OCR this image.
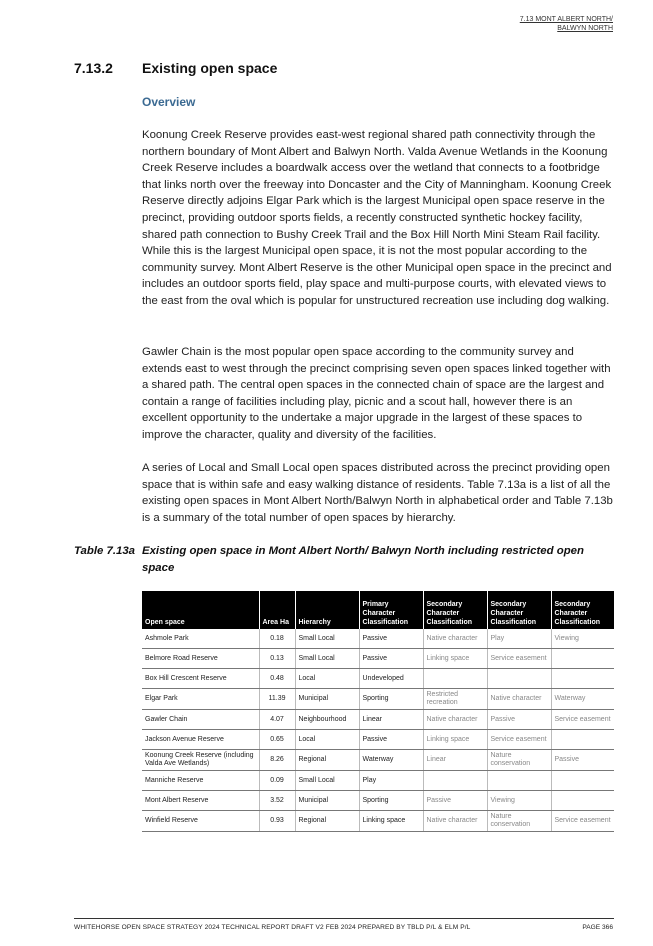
7.13 MONT ALBERT NORTH/
BALWYN NORTH
7.13.2 Existing open space
Overview

Koonung Creek Reserve provides east-west regional shared path connectivity through the northern boundary of Mont Albert and Balwyn North. Valda Avenue Wetlands in the Koonung Creek Reserve includes a boardwalk access over the wetland that connects to a footbridge that links north over the freeway into Doncaster and the City of Manningham. Koonung Creek Reserve directly adjoins Elgar Park which is the largest Municipal open space reserve in the precinct, providing outdoor sports fields, a recently constructed synthetic hockey facility, shared path connection to Bushy Creek Trail and the Box Hill North Mini Steam Rail facility. While this is the largest Municipal open space, it is not the most popular according to the community survey. Mont Albert Reserve is the other Municipal open space in the precinct and includes an outdoor sports field, play space and multi-purpose courts, with elevated views to the east from the oval which is popular for unstructured recreation use including dog walking.

Gawler Chain is the most popular open space according to the community survey and extends east to west through the precinct comprising seven open spaces linked together with a shared path. The central open spaces in the connected chain of space are the largest and contain a range of facilities including play, picnic and a scout hall, however there is an excellent opportunity to the undertake a major upgrade in the largest of these spaces to improve the character, quality and diversity of the facilities.

A series of Local and Small Local open spaces distributed across the precinct providing open space that is within safe and easy walking distance of residents. Table 7.13a is a list of all the existing open spaces in Mont Albert North/Balwyn North in alphabetical order and Table 7.13b is a summary of the total number of open spaces by hierarchy.

Table 7.13a Existing open space in Mont Albert North/ Balwyn North including restricted open space
Open space	Area Ha	Hierarchy	Primary Character Classification	Secondary Character Classification	Secondary Character Classification	Secondary Character Classification
Ashmole Park	0.18	Small Local	Passive	Native character	Play	Viewing
Belmore Road Reserve	0.13	Small Local	Passive	Linking space	Service easement	
Box Hill Crescent Reserve	0.48	Local	Undeveloped			
Elgar Park	11.39	Municipal	Sporting	Restricted recreation	Native character	Waterway
Gawler Chain	4.07	Neighbourhood	Linear	Native character	Passive	Service easement
Jackson Avenue Reserve	0.65	Local	Passive	Linking space	Service easement	
Koonung Creek Reserve (including Valda Ave Wetlands)	8.26	Regional	Waterway	Linear	Nature conservation	Passive
Manniche Reserve	0.09	Small Local	Play			
Mont Albert Reserve	3.52	Municipal	Sporting	Passive	Viewing	
Winfield Reserve	0.93	Regional	Linking space	Native character	Nature conservation	Service easement
WHITEHORSE OPEN SPACE STRATEGY 2024 TECHNICAL REPORT DRAFT V2 FEB 2024 PREPARED BY TBLD P/L & ELM P/L	PAGE 366
